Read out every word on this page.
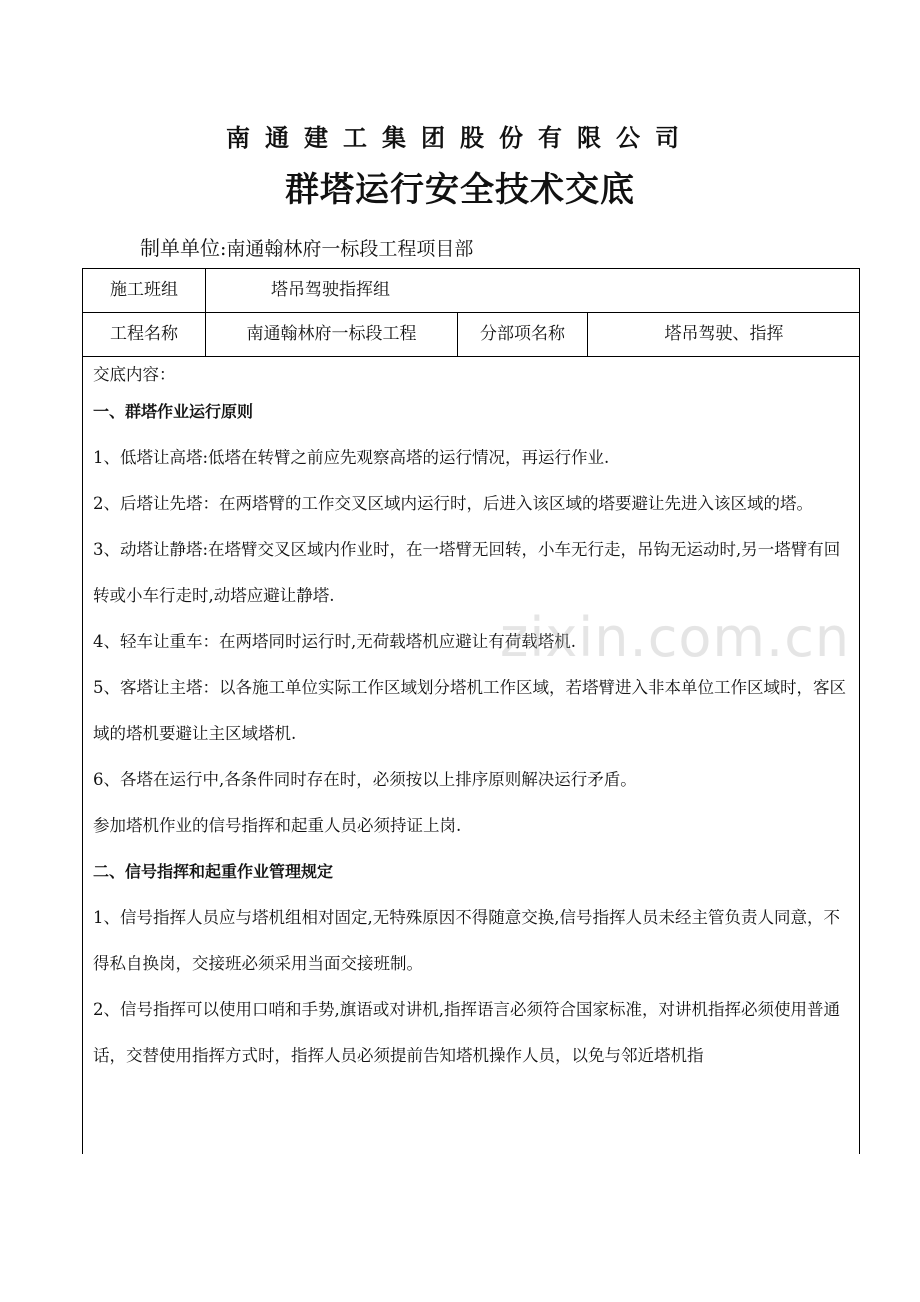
南通建工集团股份有限公司
群塔运行安全技术交底
制单单位:南通翰林府一标段工程项目部
施工班组	塔吊驾驶指挥组
工程名称	南通翰林府一标段工程	分部项名称	塔吊驾驶、指挥

交底内容：

一、群塔作业运行原则

1、低塔让高塔:低塔在转臂之前应先观察高塔的运行情况，再运行作业.

2、后塔让先塔：在两塔臂的工作交叉区域内运行时，后进入该区域的塔要避让先进入该区域的塔。

3、动塔让静塔:在塔臂交叉区域内作业时，在一塔臂无回转，小车无行走，吊钩无运动时,另一塔臂有回转或小车行走时,动塔应避让静塔.

4、轻车让重车：在两塔同时运行时,无荷载塔机应避让有荷载塔机.

5、客塔让主塔：以各施工单位实际工作区域划分塔机工作区域，若塔臂进入非本单位工作区域时，客区域的塔机要避让主区域塔机.

6、各塔在运行中,各条件同时存在时，必须按以上排序原则解决运行矛盾。

参加塔机作业的信号指挥和起重人员必须持证上岗.

二、信号指挥和起重作业管理规定

1、信号指挥人员应与塔机组相对固定,无特殊原因不得随意交换,信号指挥人员未经主管负责人同意，不得私自换岗，交接班必须采用当面交接班制。

2、信号指挥可以使用口哨和手势,旗语或对讲机,指挥语言必须符合国家标准，对讲机指挥必须使用普通话，交替使用指挥方式时，指挥人员必须提前告知塔机操作人员，以免与邻近塔机指

zixin.com.cn
